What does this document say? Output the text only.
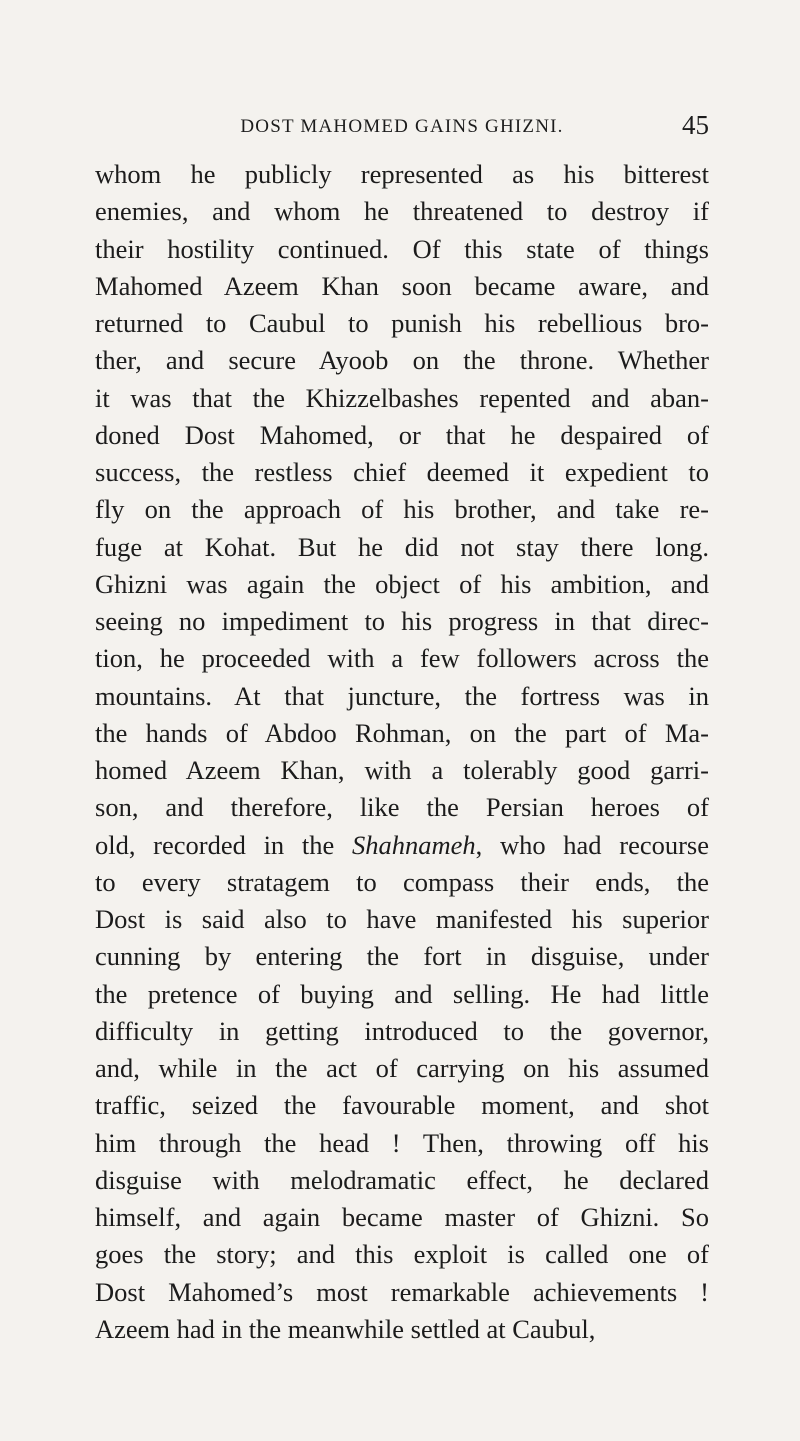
DOST MAHOMED GAINS GHIZNI.	45
whom he publicly represented as his bitterest
enemies, and whom he threatened to destroy if
their hostility continued. Of this state of things
Mahomed Azeem Khan soon became aware, and
returned to Caubul to punish his rebellious bro-
ther, and secure Ayoob on the throne. Whether
it was that the Khizzelbashes repented and aban-
doned Dost Mahomed, or that he despaired of
success, the restless chief deemed it expedient to
fly on the approach of his brother, and take re-
fuge at Kohat. But he did not stay there long.
Ghizni was again the object of his ambition, and
seeing no impediment to his progress in that direc-
tion, he proceeded with a few followers across the
mountains. At that juncture, the fortress was in
the hands of Abdoo Rohman, on the part of Ma-
homed Azeem Khan, with a tolerably good garri-
son, and therefore, like the Persian heroes of
old, recorded in the Shahnameh, who had recourse
to every stratagem to compass their ends, the
Dost is said also to have manifested his superior
cunning by entering the fort in disguise, under
the pretence of buying and selling. He had little
difficulty in getting introduced to the governor,
and, while in the act of carrying on his assumed
traffic, seized the favourable moment, and shot
him through the head ! Then, throwing off his
disguise with melodramatic effect, he declared
himself, and again became master of Ghizni. So
goes the story; and this exploit is called one of
Dost Mahomed’s most remarkable achievements !
Azeem had in the meanwhile settled at Caubul,
